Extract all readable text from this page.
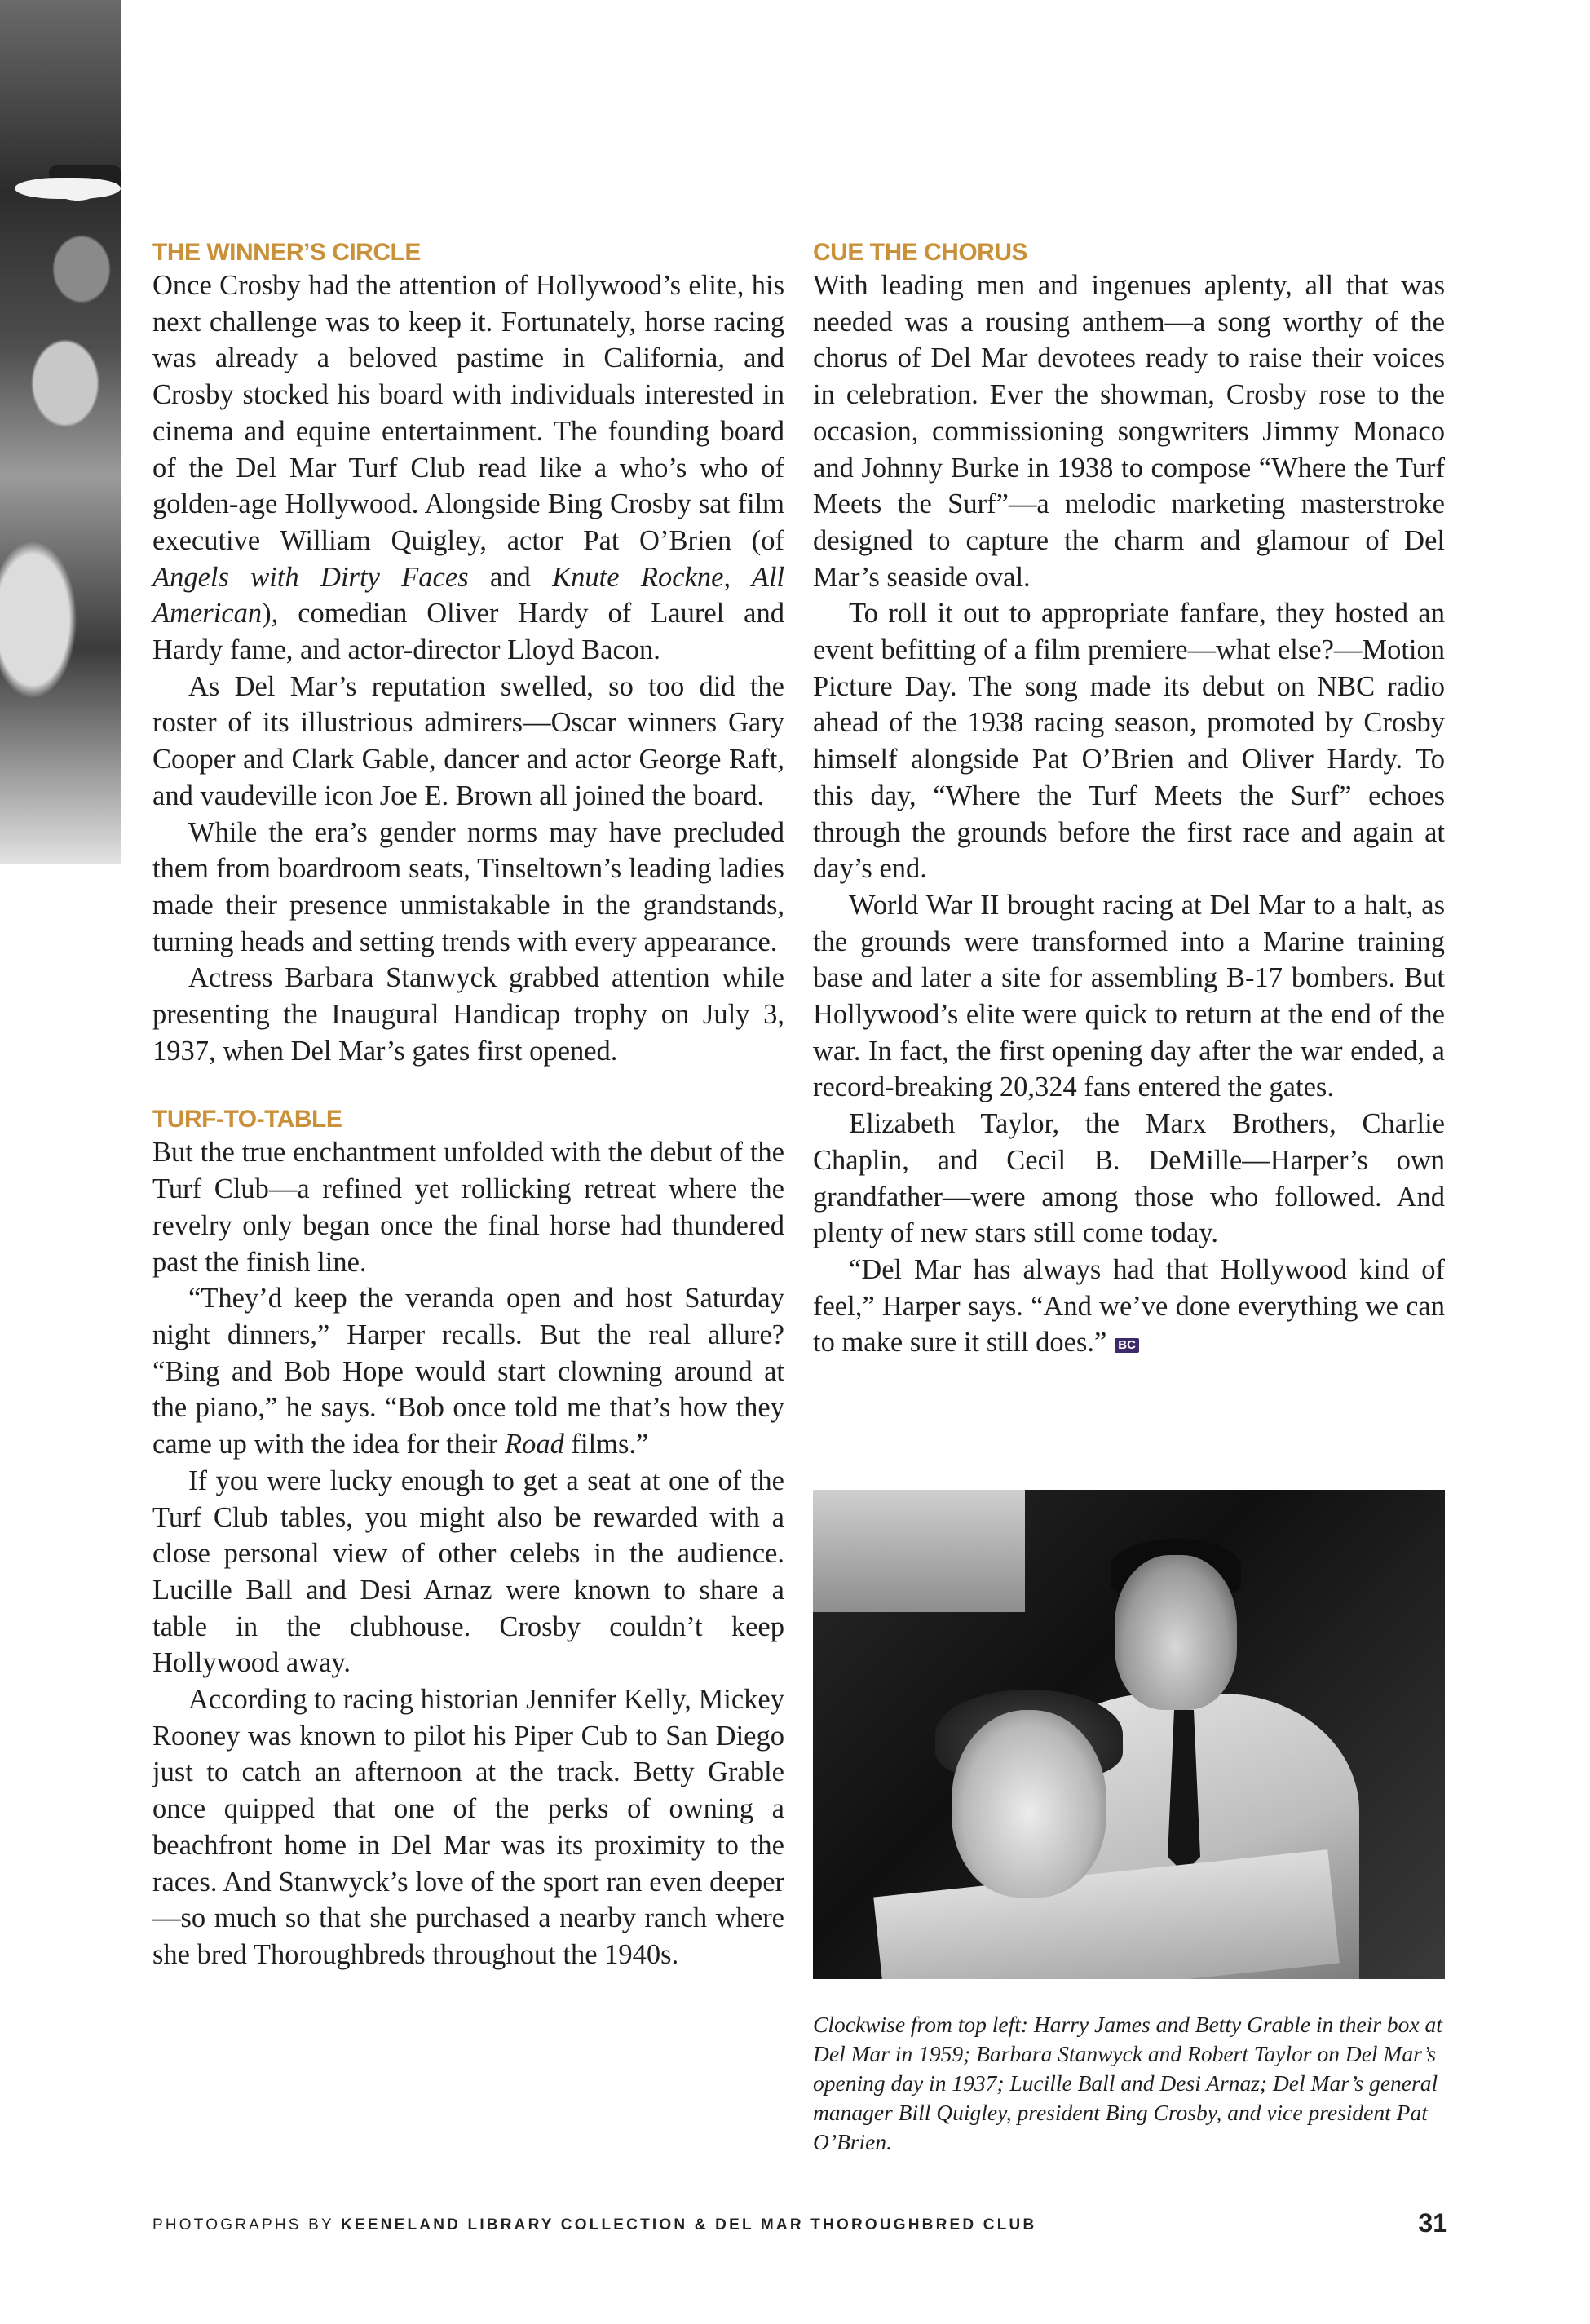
THE WINNER’S CIRCLE

Once Crosby had the attention of Hollywood’s elite, his next challenge was to keep it. Fortunately, horse racing was already a beloved pastime in California, and Crosby stocked his board with individuals interested in cinema and equine entertainment. The founding board of the Del Mar Turf Club read like a who’s who of golden-age Hollywood. Alongside Bing Crosby sat film executive William Quigley, actor Pat O’Brien (of Angels with Dirty Faces and Knute Rockne, All American), comedian Oliver Hardy of Laurel and Hardy fame, and actor-director Lloyd Bacon.

As Del Mar’s reputation swelled, so too did the roster of its illustrious admirers—Oscar winners Gary Cooper and Clark Gable, dancer and actor George Raft, and vaudeville icon Joe E. Brown all joined the board.

While the era’s gender norms may have precluded them from boardroom seats, Tinseltown’s leading ladies made their presence unmistakable in the grandstands, turning heads and setting trends with every appearance.

Actress Barbara Stanwyck grabbed attention while presenting the Inaugural Handicap trophy on July 3, 1937, when Del Mar’s gates first opened.

TURF-TO-TABLE

But the true enchantment unfolded with the debut of the Turf Club—a refined yet rollicking retreat where the revelry only began once the final horse had thundered past the finish line.

“They’d keep the veranda open and host Saturday night dinners,” Harper recalls. But the real allure? “Bing and Bob Hope would start clowning around at the piano,” he says. “Bob once told me that’s how they came up with the idea for their Road films.”

If you were lucky enough to get a seat at one of the Turf Club tables, you might also be rewarded with a close personal view of other celebs in the audience. Lucille Ball and Desi Arnaz were known to share a table in the clubhouse. Crosby couldn’t keep Hollywood away.

According to racing historian Jennifer Kelly, Mickey Rooney was known to pilot his Piper Cub to San Diego just to catch an afternoon at the track. Betty Grable once quipped that one of the perks of owning a beachfront home in Del Mar was its proximity to the races. And Stanwyck’s love of the sport ran even deeper—so much so that she purchased a nearby ranch where she bred Thoroughbreds throughout the 1940s.

CUE THE CHORUS

With leading men and ingenues aplenty, all that was needed was a rousing anthem—a song worthy of the chorus of Del Mar devotees ready to raise their voices in celebration. Ever the showman, Crosby rose to the occasion, commissioning songwriters Jimmy Monaco and Johnny Burke in 1938 to compose “Where the Turf Meets the Surf”—a melodic marketing masterstroke designed to capture the charm and glamour of Del Mar’s seaside oval.

To roll it out to appropriate fanfare, they hosted an event befitting of a film premiere—what else?—Motion Picture Day. The song made its debut on NBC radio ahead of the 1938 racing season, promoted by Crosby himself alongside Pat O’Brien and Oliver Hardy. To this day, “Where the Turf Meets the Surf” echoes through the grounds before the first race and again at day’s end.

World War II brought racing at Del Mar to a halt, as the grounds were transformed into a Marine training base and later a site for assembling B-17 bombers. But Hollywood’s elite were quick to return at the end of the war. In fact, the first opening day after the war ended, a record-breaking 20,324 fans entered the gates.

Elizabeth Taylor, the Marx Brothers, Charlie Chaplin, and Cecil B. DeMille—Harper’s own grandfather—were among those who followed. And plenty of new stars still come today.

“Del Mar has always had that Hollywood kind of feel,” Harper says. “And we’ve done everything we can to make sure it still does.” BC

Clockwise from top left: Harry James and Betty Grable in their box at Del Mar in 1959; Barbara Stanwyck and Robert Taylor on Del Mar’s opening day in 1937; Lucille Ball and Desi Arnaz; Del Mar’s general manager Bill Quigley, president Bing Crosby, and vice president Pat O’Brien.

PHOTOGRAPHS BY KEENELAND LIBRARY COLLECTION & DEL MAR THOROUGHBRED CLUB	31
